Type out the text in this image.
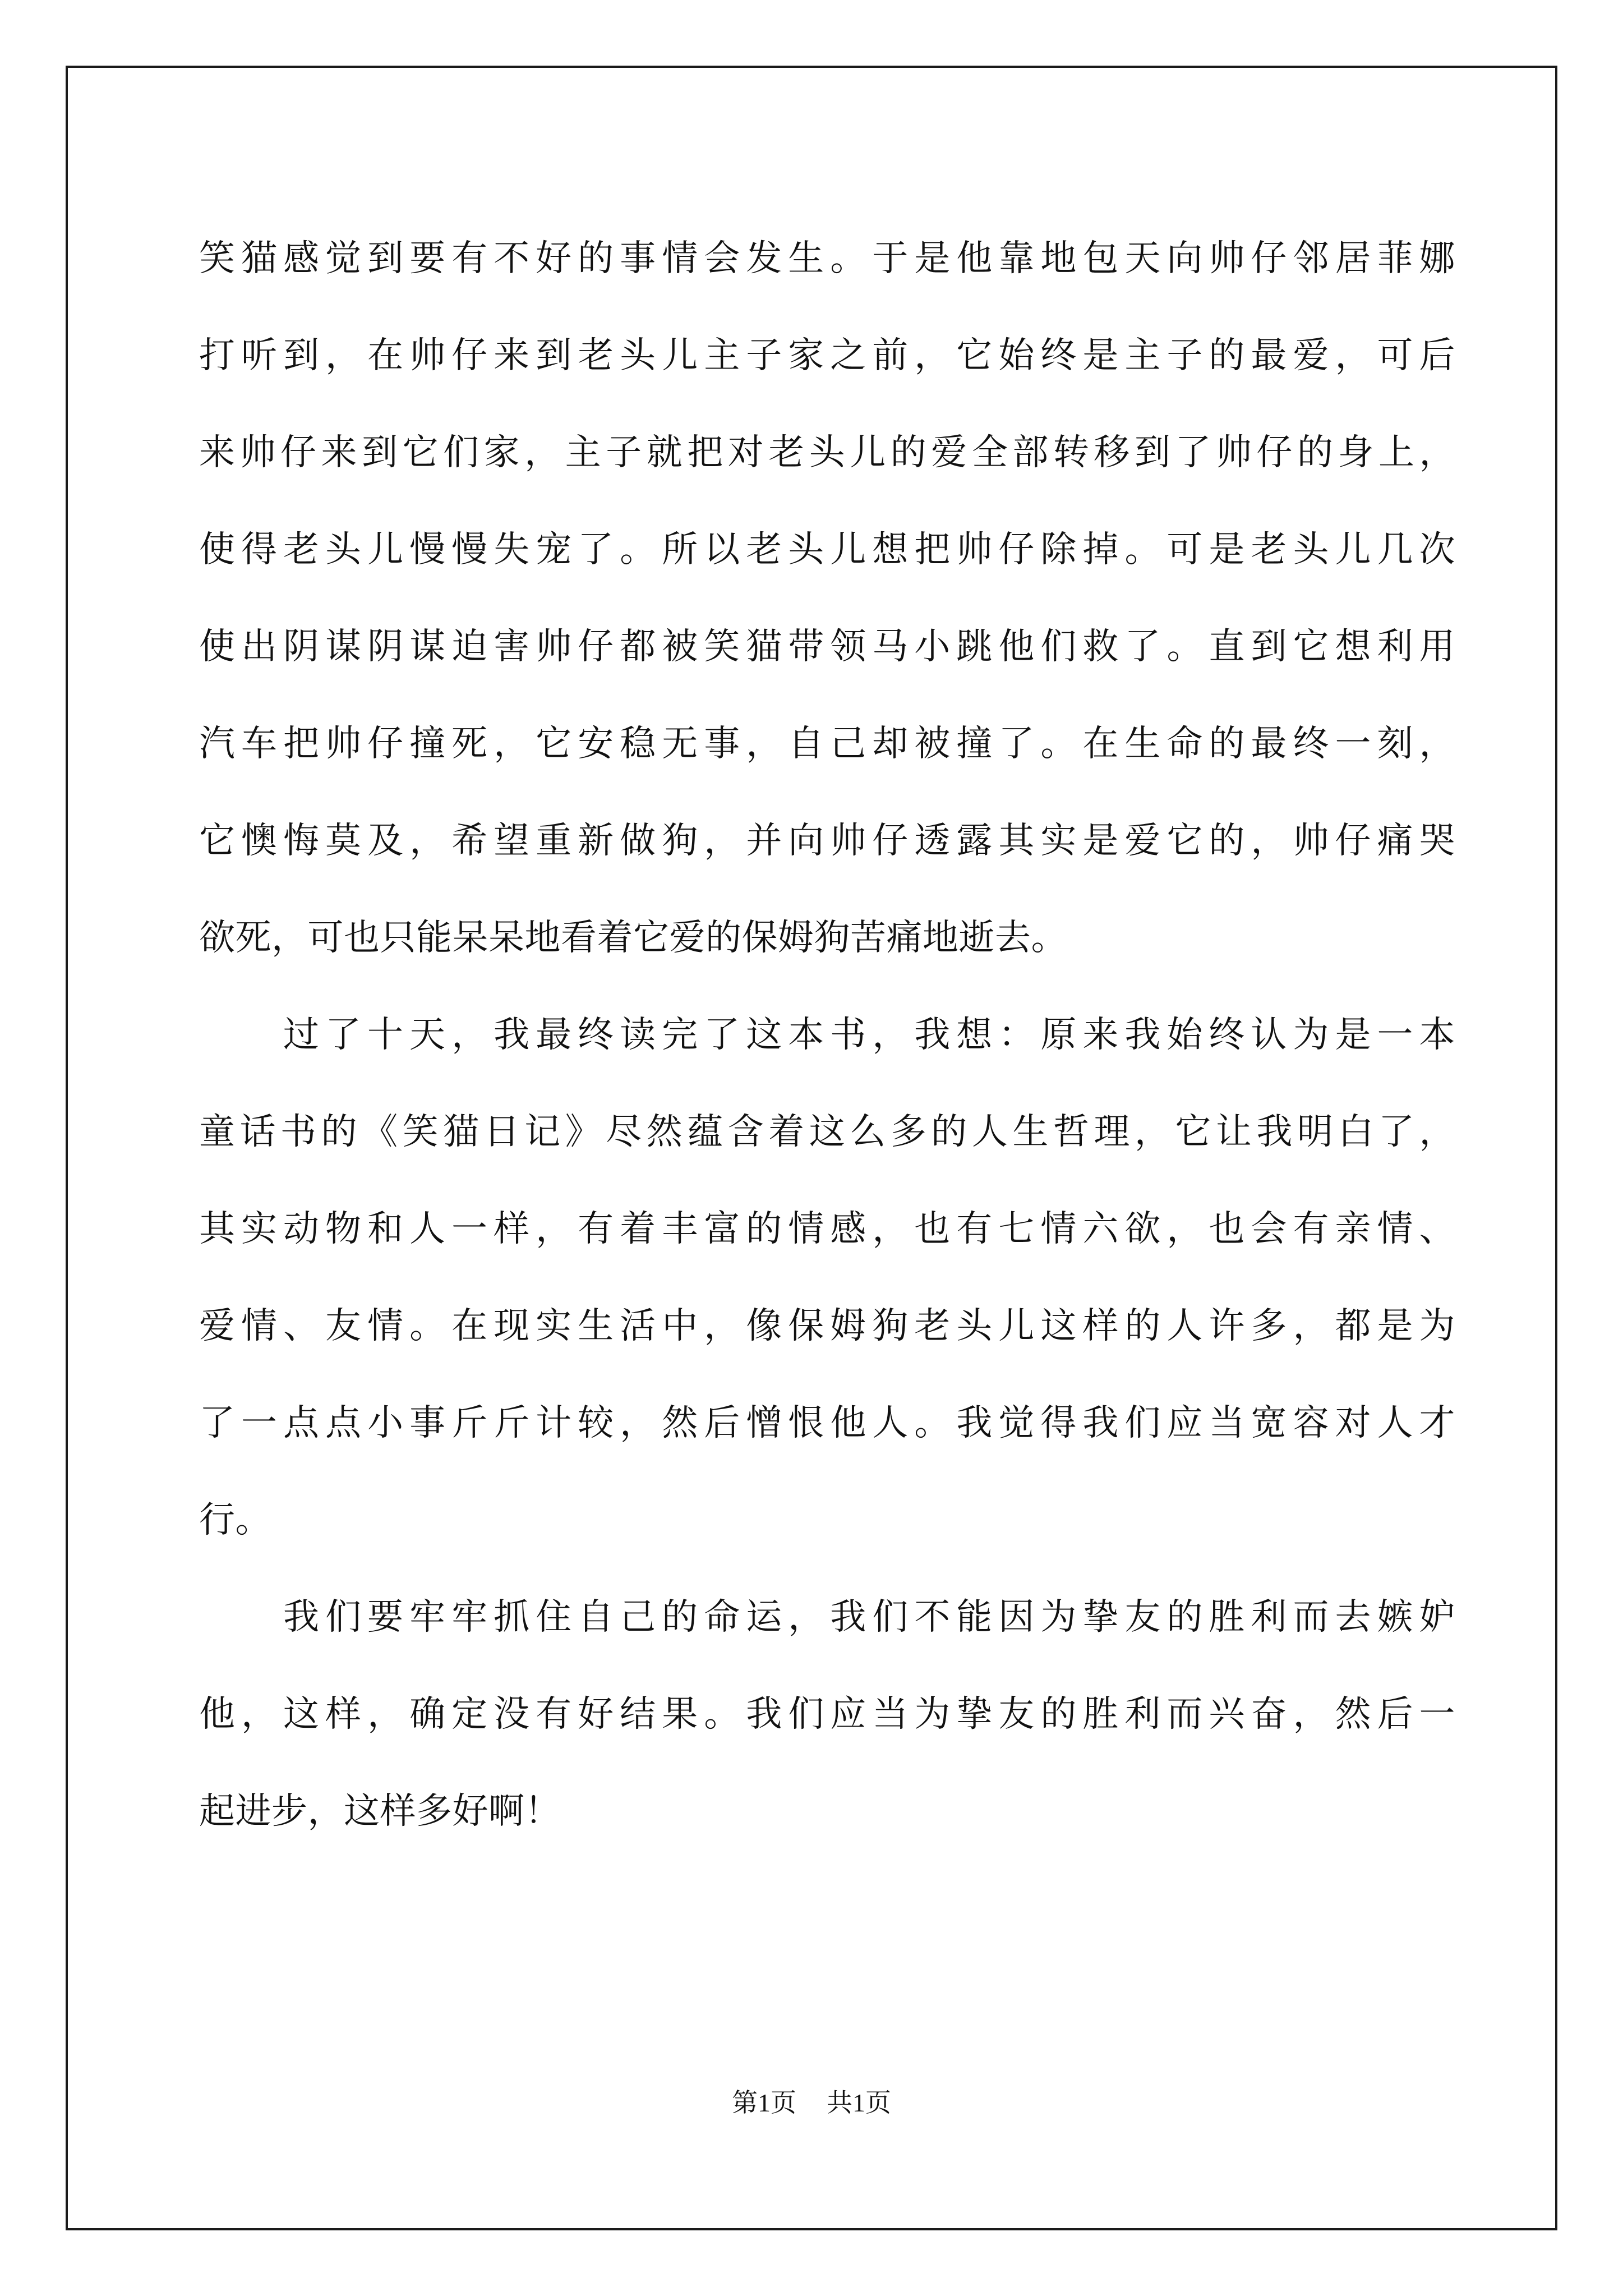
笑猫感觉到要有不好的事情会发生。于是他靠地包天向帅仔邻居菲娜
打听到，在帅仔来到老头儿主子家之前，它始终是主子的最爱，可后
来帅仔来到它们家，主子就把对老头儿的爱全部转移到了帅仔的身上，
使得老头儿慢慢失宠了。所以老头儿想把帅仔除掉。可是老头儿几次
使出阴谋阴谋迫害帅仔都被笑猫带领马小跳他们救了。直到它想利用
汽车把帅仔撞死，它安稳无事，自己却被撞了。在生命的最终一刻，
它懊悔莫及，希望重新做狗，并向帅仔透露其实是爱它的，帅仔痛哭
欲死，可也只能呆呆地看着它爱的保姆狗苦痛地逝去。
过了十天，我最终读完了这本书，我想：原来我始终认为是一本
童话书的《笑猫日记》尽然蕴含着这么多的人生哲理，它让我明白了，
其实动物和人一样，有着丰富的情感，也有七情六欲，也会有亲情、
爱情、友情。在现实生活中，像保姆狗老头儿这样的人许多，都是为
了一点点小事斤斤计较，然后憎恨他人。我觉得我们应当宽容对人才
行。
我们要牢牢抓住自己的命运，我们不能因为挚友的胜利而去嫉妒
他，这样，确定没有好结果。我们应当为挚友的胜利而兴奋，然后一
起进步，这样多好啊！
第1页 共1页
